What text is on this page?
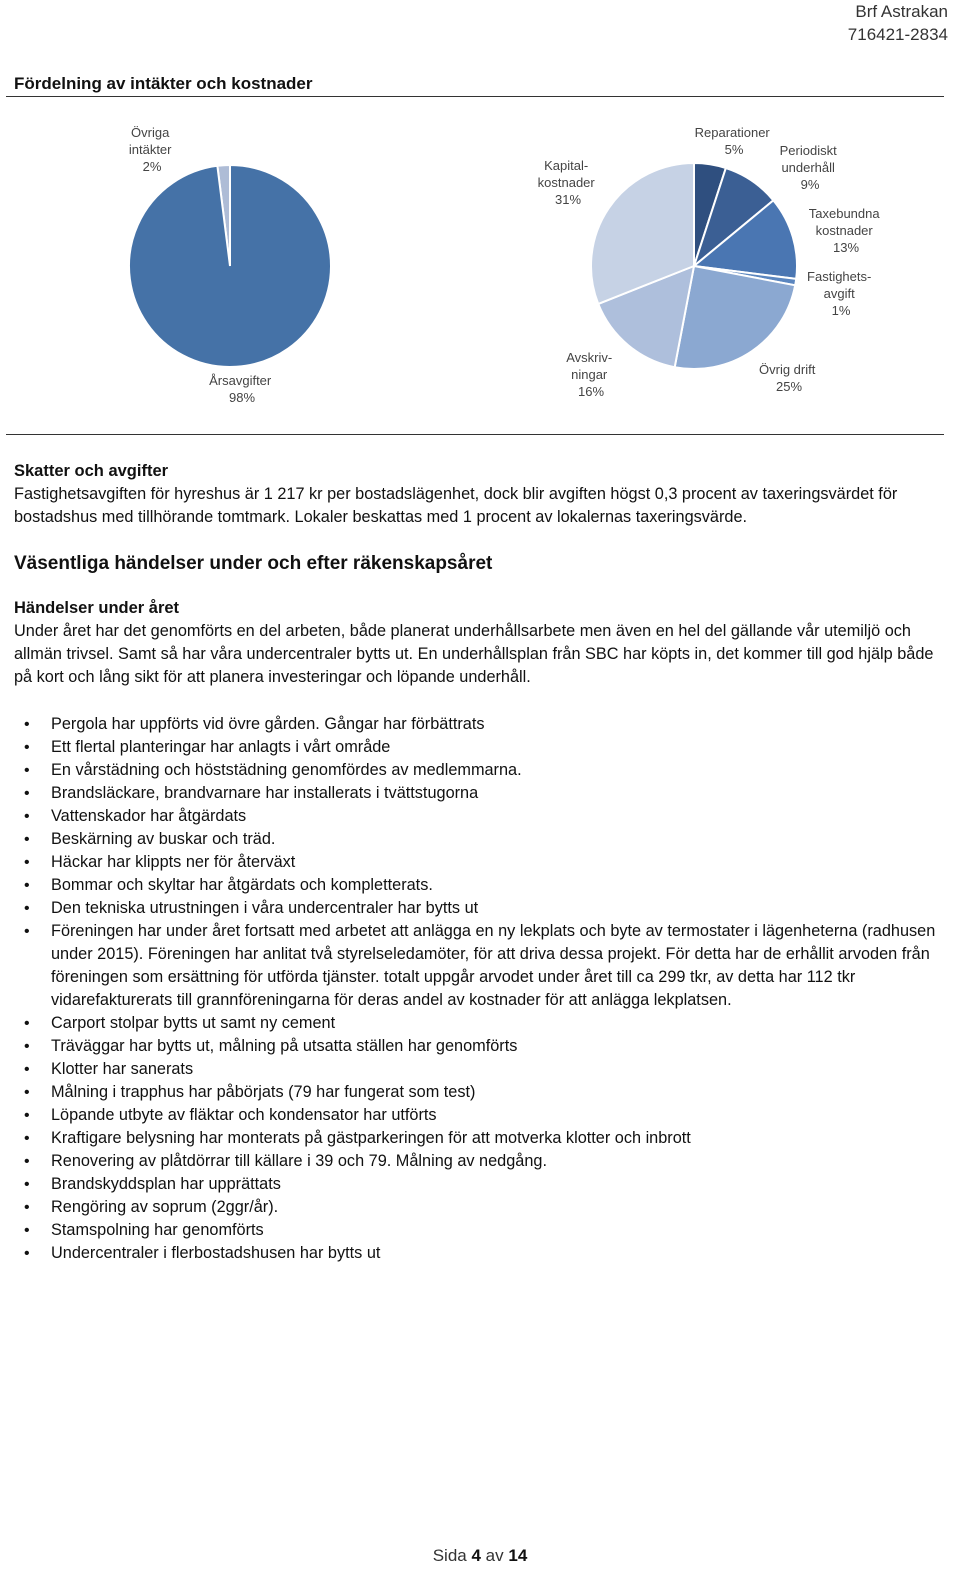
Brf Astrakan
716421-2834
Fördelning av intäkter och kostnader
Övriga intäkter 2%
Årsavgifter 98%
Reparationer 5%	Periodiskt underhåll 9%
Taxebundna kostnader 13%
Fastighets- avgift 1%
Övrig drift 25%
Avskriv- ningar 16%
Kapital- kostnader 31%
Skatter och avgifter

Fastighetsavgiften för hyreshus är 1 217 kr per bostadslägenhet, dock blir avgiften högst 0,3 procent av taxeringsvärdet för bostadshus med tillhörande tomtmark. Lokaler beskattas med 1 procent av lokalernas taxeringsvärde.

Väsentliga händelser under och efter räkenskapsåret
Händelser under året

Under året har det genomförts en del arbeten, både planerat underhållsarbete men även en hel del gällande vår utemiljö och allmän trivsel. Samt så har våra undercentraler bytts ut. En underhållsplan från SBC har köpts in, det kommer till god hjälp både på kort och lång sikt för att planera investeringar och löpande underhåll.

• Pergola har uppförts vid övre gården. Gångar har förbättrats
• Ett flertal planteringar har anlagts i vårt område
• En vårstädning och höststädning genomfördes av medlemmarna.
• Brandsläckare, brandvarnare har installerats i tvättstugorna
• Vattenskador har åtgärdats
• Beskärning av buskar och träd.
• Häckar har klippts ner för återväxt
• Bommar och skyltar har åtgärdats och kompletterats.
• Den tekniska utrustningen i våra undercentraler har bytts ut
• Föreningen har under året fortsatt med arbetet att anlägga en ny lekplats och byte av termostater i lägenheterna (radhusen under 2015). Föreningen har anlitat två styrelseledamöter, för att driva dessa projekt. För detta har de erhållit arvoden från föreningen som ersättning för utförda tjänster. totalt uppgår arvodet under året till ca 299 tkr, av detta har 112 tkr vidarefakturerats till grannföreningarna för deras andel av kostnader för att anlägga lekplatsen.
• Carport stolpar bytts ut samt ny cement
• Träväggar har bytts ut, målning på utsatta ställen har genomförts
• Klotter har sanerats
• Målning i trapphus har påbörjats (79 har fungerat som test)
• Löpande utbyte av fläktar och kondensator har utförts
• Kraftigare belysning har monterats på gästparkeringen för att motverka klotter och inbrott
• Renovering av plåtdörrar till källare i 39 och 79. Målning av nedgång.
• Brandskyddsplan har upprättats
• Rengöring av soprum (2ggr/år).
• Stamspolning har genomförts
• Undercentraler i flerbostadshusen har bytts ut
Sida 4 av 14
